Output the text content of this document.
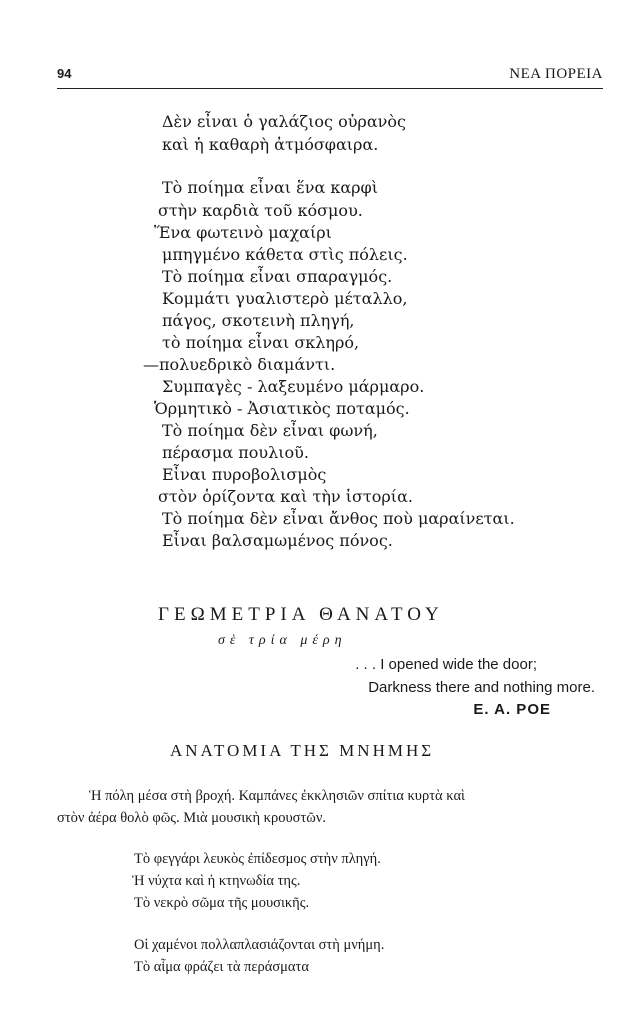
94	ΝΕΑ ΠΟΡΕΙΑ
Δὲν εἶναι ὁ γαλάζιος οὐρανὸς
καὶ ἡ καθαρὴ ἀτμόσφαιρα.
Τὸ ποίημα εἶναι ἕνα καρφὶ
στὴν καρδιὰ τοῦ κόσμου.
Ἕνα φωτεινὸ μαχαίρι
μπηγμένο κάθετα στὶς πόλεις.
Τὸ ποίημα εἶναι σπαραγμός.
Κομμάτι γυαλιστερὸ μέταλλο,
πάγος, σκοτεινὴ πληγή,
τὸ ποίημα εἶναι σκληρό,
—πολυεδρικὸ διαμάντι.
Συμπαγὲς - λαξευμένο μάρμαρο.
Ὁρμητικὸ - Ἀσιατικὸς ποταμός.
Τὸ ποίημα δὲν εἶναι φωνή,
πέρασμα πουλιοῦ.
Εἶναι πυροβολισμὸς
στὸν ὁρίζοντα καὶ τὴν ἱστορία.
Τὸ ποίημα δὲν εἶναι ἄνθος ποὺ μαραίνεται.
Εἶναι βαλσαμωμένος πόνος.
ΓΕΩΜΕΤΡΙΑ ΘΑΝΑΤΟΥ
σὲ τρία μέρη
. . . I opened wide the door;
Darkness there and nothing more.
E. A. POE
ΑΝΑΤΟΜΙΑ ΤΗΣ ΜΝΗΜΗΣ
Ἡ πόλη μέσα στὴ βροχή. Καμπάνες ἐκκλησιῶν σπίτια κυρτὰ καὶ
στὸν ἀέρα θολὸ φῶς. Μιὰ μουσικὴ κρουστῶν.
Τὸ φεγγάρι λευκὸς ἐπίδεσμος στὴν πληγή.
Ἡ νύχτα καὶ ἡ κτηνωδία της.
Τὸ νεκρὸ σῶμα τῆς μουσικῆς.
Οἱ χαμένοι πολλαπλασιάζονται στὴ μνήμη.
Τὸ αἷμα φράζει τὰ περάσματα
